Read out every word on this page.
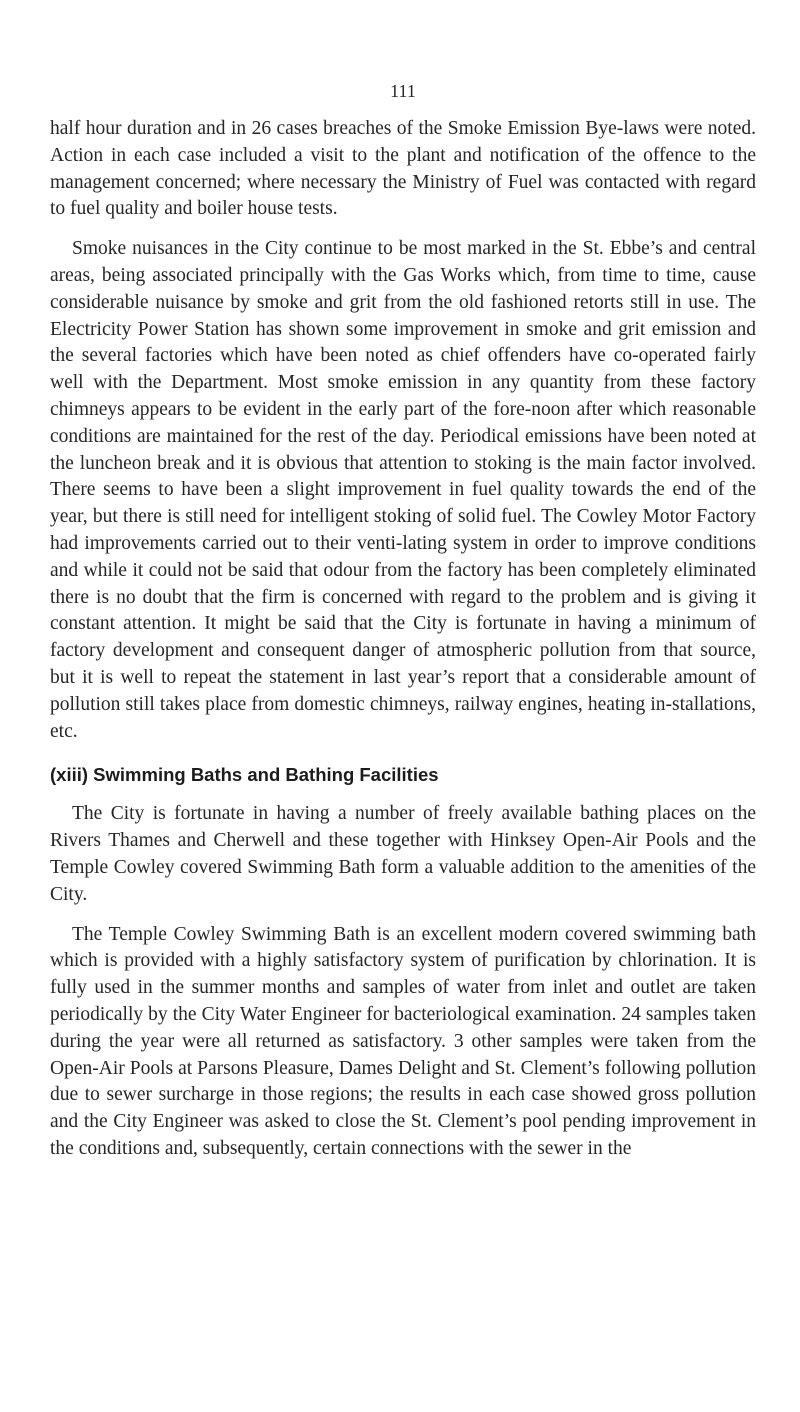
111

half hour duration and in 26 cases breaches of the Smoke Emission Bye-laws were noted. Action in each case included a visit to the plant and notification of the offence to the management concerned; where necessary the Ministry of Fuel was contacted with regard to fuel quality and boiler house tests.

Smoke nuisances in the City continue to be most marked in the St. Ebbe’s and central areas, being associated principally with the Gas Works which, from time to time, cause considerable nuisance by smoke and grit from the old fashioned retorts still in use. The Electricity Power Station has shown some improvement in smoke and grit emission and the several factories which have been noted as chief offenders have co-operated fairly well with the Department. Most smoke emission in any quantity from these factory chimneys appears to be evident in the early part of the fore-noon after which reasonable conditions are maintained for the rest of the day. Periodical emissions have been noted at the luncheon break and it is obvious that attention to stoking is the main factor involved. There seems to have been a slight improvement in fuel quality towards the end of the year, but there is still need for intelligent stoking of solid fuel. The Cowley Motor Factory had improvements carried out to their venti-lating system in order to improve conditions and while it could not be said that odour from the factory has been completely eliminated there is no doubt that the firm is concerned with regard to the problem and is giving it constant attention. It might be said that the City is fortunate in having a minimum of factory development and consequent danger of atmospheric pollution from that source, but it is well to repeat the statement in last year’s report that a considerable amount of pollution still takes place from domestic chimneys, railway engines, heating in-stallations, etc.

(xiii) Swimming Baths and Bathing Facilities

The City is fortunate in having a number of freely available bathing places on the Rivers Thames and Cherwell and these together with Hinksey Open-Air Pools and the Temple Cowley covered Swimming Bath form a valuable addition to the amenities of the City.

The Temple Cowley Swimming Bath is an excellent modern covered swimming bath which is provided with a highly satisfactory system of purification by chlorination. It is fully used in the summer months and samples of water from inlet and outlet are taken periodically by the City Water Engineer for bacteriological examination. 24 samples taken during the year were all returned as satisfactory. 3 other samples were taken from the Open-Air Pools at Parsons Pleasure, Dames Delight and St. Clement’s following pollution due to sewer surcharge in those regions; the results in each case showed gross pollution and the City Engineer was asked to close the St. Clement’s pool pending improvement in the conditions and, subsequently, certain connections with the sewer in the
